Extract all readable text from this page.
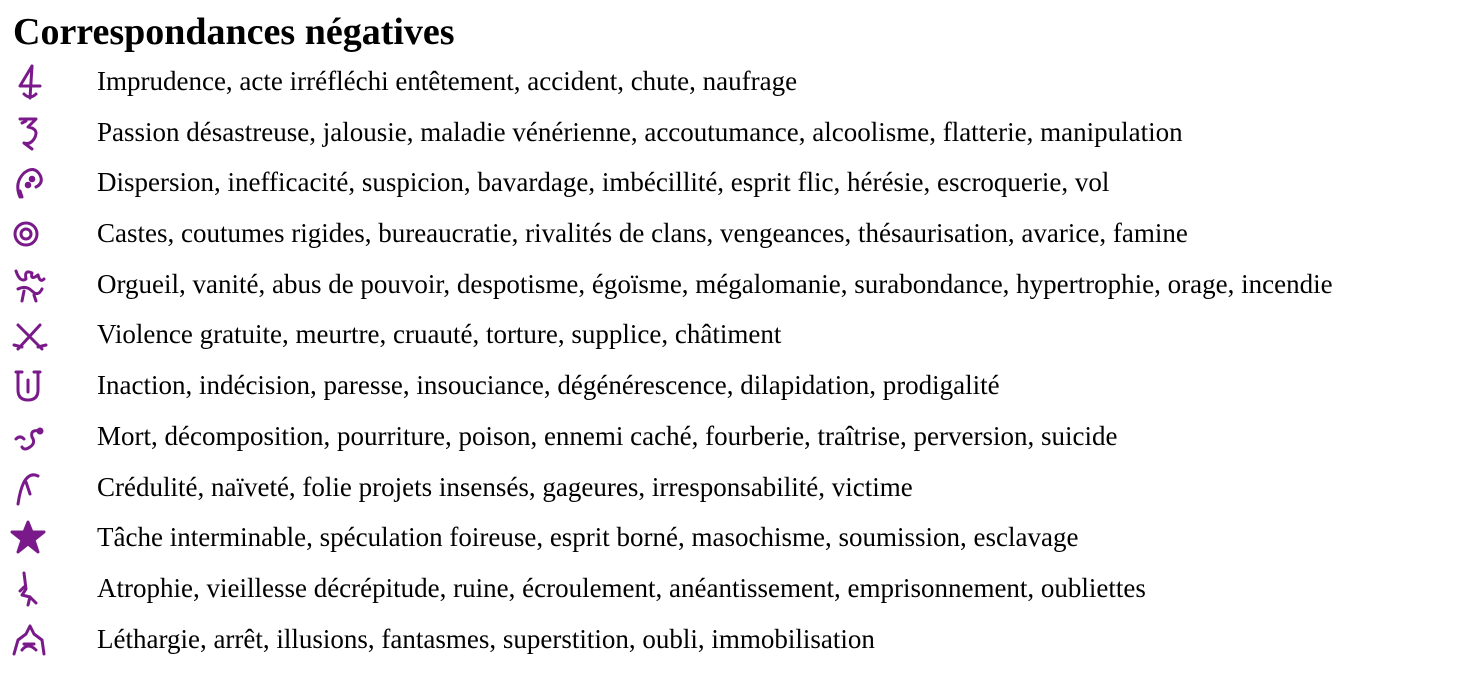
Correspondances négatives
Imprudence, acte irréfléchi entêtement, accident, chute, naufrage
Passion désastreuse, jalousie, maladie vénérienne, accoutumance, alcoolisme, flatterie, manipulation
Dispersion, inefficacité, suspicion, bavardage, imbécillité, esprit flic, hérésie, escroquerie, vol
Castes, coutumes rigides, bureaucratie, rivalités de clans, vengeances, thésaurisation, avarice, famine
Orgueil, vanité, abus de pouvoir, despotisme, égoïsme, mégalomanie, surabondance, hypertrophie, orage, incendie
Violence gratuite, meurtre, cruauté, torture, supplice, châtiment
Inaction, indécision, paresse, insouciance, dégénérescence, dilapidation, prodigalité
Mort, décomposition, pourriture, poison, ennemi caché, fourberie, traîtrise, perversion, suicide
Crédulité, naïveté, folie projets insensés, gageures, irresponsabilité, victime
Tâche interminable, spéculation foireuse, esprit borné, masochisme, soumission, esclavage
Atrophie, vieillesse décrépitude, ruine, écroulement, anéantissement, emprisonnement, oubliettes
Léthargie, arrêt, illusions, fantasmes, superstition, oubli, immobilisation
